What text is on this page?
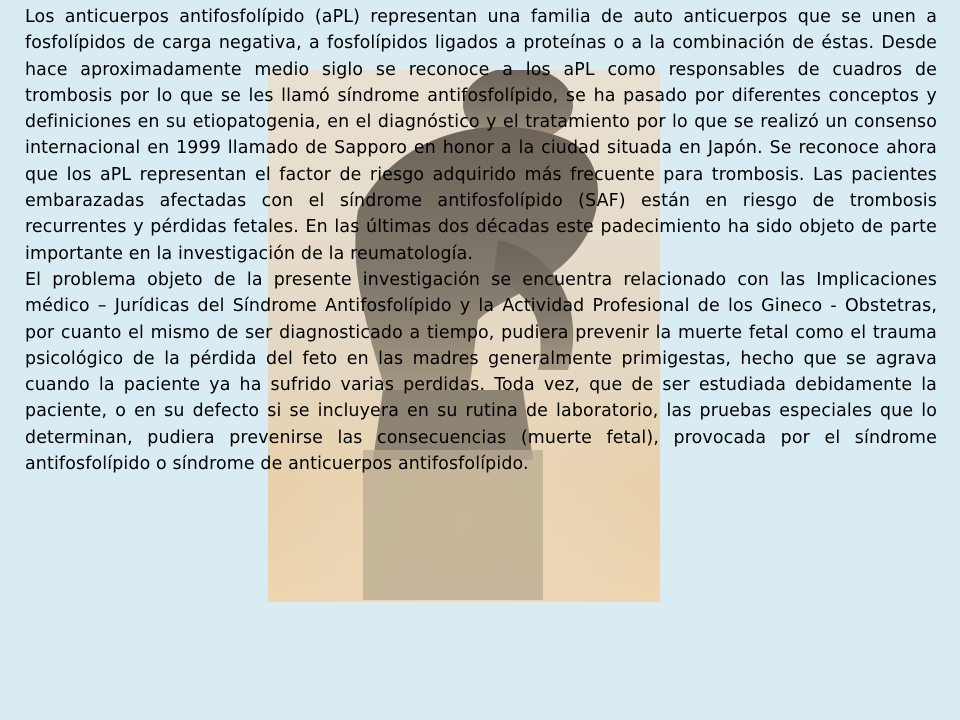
Los anticuerpos antifosfolípido (aPL) representan una familia de auto anticuerpos que se unen a fosfolípidos de carga negativa, a fosfolípidos ligados a proteínas o a la combinación de éstas. Desde hace aproximadamente medio siglo se reconoce a los aPL como responsables de cuadros de trombosis por lo que se les llamó síndrome antifosfolípido, se ha pasado por diferentes conceptos y definiciones en su etiopatogenia, en el diagnóstico y el tratamiento por lo que se realizó un consenso internacional en 1999 llamado de Sapporo en honor a la ciudad situada en Japón. Se reconoce ahora que los aPL representan el factor de riesgo adquirido más frecuente para trombosis. Las pacientes embarazadas afectadas con el síndrome antifosfolípido (SAF) están en riesgo de trombosis recurrentes y pérdidas fetales. En las últimas dos décadas este padecimiento ha sido objeto de parte importante en la investigación de la reumatología.

El problema objeto de la presente investigación se encuentra relacionado con las Implicaciones médico – Jurídicas del Síndrome Antifosfolípido y la Actividad Profesional de los Gineco - Obstetras, por cuanto el mismo de ser diagnosticado a tiempo, pudiera prevenir la muerte fetal como el trauma psicológico de la pérdida del feto en las madres generalmente primigestas, hecho que se agrava cuando la paciente ya ha sufrido varias perdidas. Toda vez, que de ser estudiada debidamente la paciente, o en su defecto si se incluyera en su rutina de laboratorio, las pruebas especiales que lo determinan, pudiera prevenirse las consecuencias (muerte fetal), provocada por el síndrome antifosfolípido o síndrome de anticuerpos antifosfolípido.
